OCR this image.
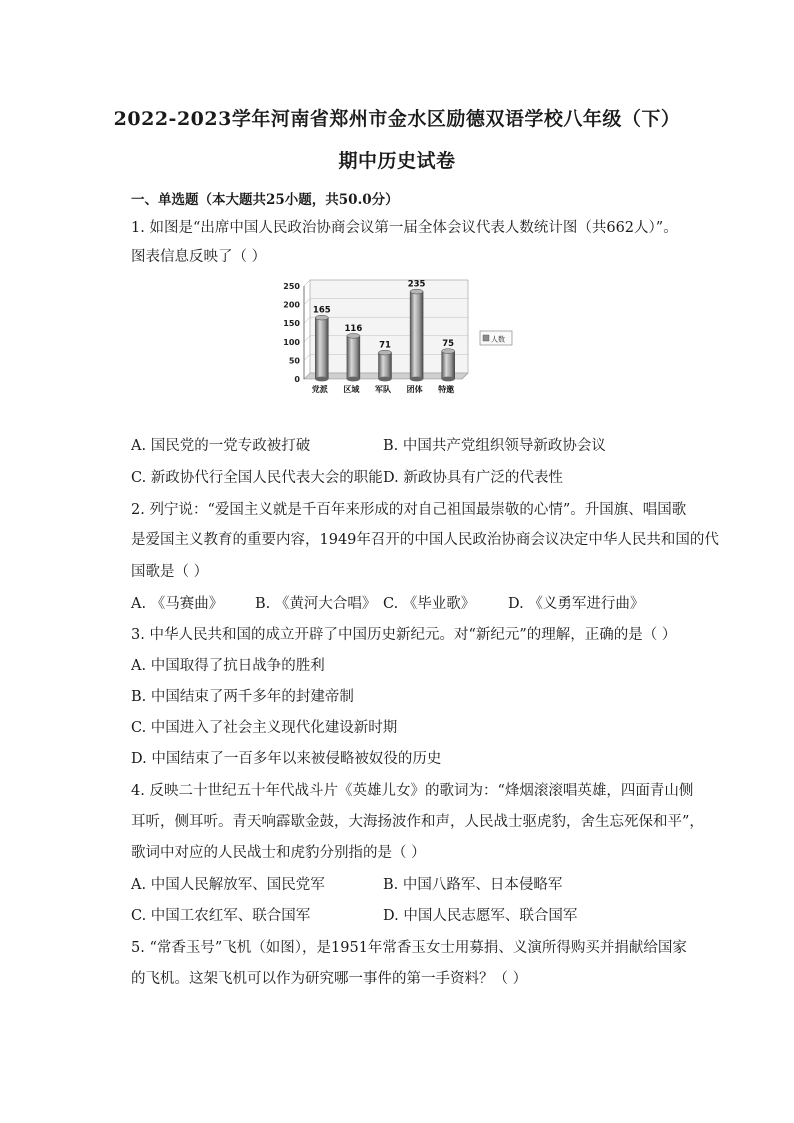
2022-2023学年河南省郑州市金水区励德双语学校八年级（下）
期中历史试卷
一、单选题（本大题共25小题，共50.0分）
1. 如图是“出席中国人民政治协商会议第一届全体会议代表人数统计图（共662人）”。
图表信息反映了（ ）
0
50
100
150
200
250
165
党派
116
区域
71
军队
235
团体
75
特邀
人数
A. 国民党的一党专政被打破	B. 中国共产党组织领导新政协会议
C. 新政协代行全国人民代表大会的职能 D. 新政协具有广泛的代表性
2. 列宁说：“爱国主义就是千百年来形成的对自己祖国最崇敬的心情”。升国旗、唱国歌
是爱国主义教育的重要内容，1949年召开的中国人民政治协商会议决定中华人民共和国的代
国歌是（ ）
A. 《马赛曲》 B. 《黄河大合唱》 C. 《毕业歌》 D. 《义勇军进行曲》
3. 中华人民共和国的成立开辟了中国历史新纪元。对“新纪元”的理解，正确的是（ ）
A. 中国取得了抗日战争的胜利
B. 中国结束了两千多年的封建帝制
C. 中国进入了社会主义现代化建设新时期
D. 中国结束了一百多年以来被侵略被奴役的历史
4. 反映二十世纪五十年代战斗片《英雄儿女》的歌词为：“烽烟滚滚唱英雄，四面青山侧
耳听，侧耳听。青天响霹歇金鼓，大海扬波作和声，人民战士驱虎豹，舍生忘死保和平”，
歌词中对应的人民战士和虎豹分别指的是（ ）
A. 中国人民解放军、国民党军	B. 中国八路军、日本侵略军
C. 中国工农红军、联合国军	D. 中国人民志愿军、联合国军
5. “常香玉号”飞机（如图），是1951年常香玉女士用募捐、义演所得购买并捐献给国家
的飞机。这架飞机可以作为研究哪一事件的第一手资料？（ ）
